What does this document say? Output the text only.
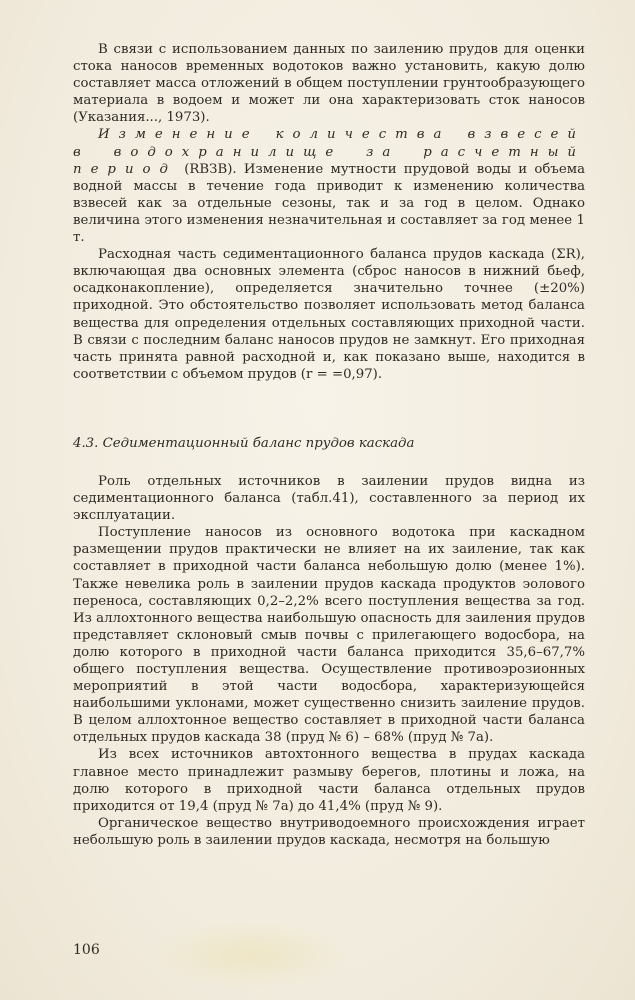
В связи с использованием данных по заилению прудов для оценки стока наносов временных водотоков важно установить, какую долю составляет масса отложений в общем поступлении грунтообразующего материала в водоем и может ли она характеризовать сток наносов (Указания..., 1973).

Изменение количества взвесей в водохранилище за расчетный период (RВЗВ). Изменение мутности прудовой воды и объема водной массы в течение года приводит к изменению количества взвесей как за отдельные сезоны, так и за год в целом. Однако величина этого изменения незначительная и составляет за год менее 1 т.

Расходная часть седиментационного баланса прудов каскада (ΣR), включающая два основных элемента (сброс наносов в нижний бьеф, осадконакопление), определяется значительно точнее (±20%) приходной. Это обстоятельство позволяет использовать метод баланса вещества для определения отдельных составляющих приходной части. В связи с последним баланс наносов прудов не замкнут. Его приходная часть принята равной расходной и, как показано выше, находится в соответствии с объемом прудов (r = =0,97).

4.3. Седиментационный баланс прудов каскада

Роль отдельных источников в заилении прудов видна из седиментационного баланса (табл.41), составленного за период их эксплуатации.

Поступление наносов из основного водотока при каскадном размещении прудов практически не влияет на их заиление, так как составляет в приходной части баланса небольшую долю (менее 1%). Также невелика роль в заилении прудов каскада продуктов эолового переноса, составляющих 0,2–2,2% всего поступления вещества за год. Из аллохтонного вещества наибольшую опасность для заиления прудов представляет склоновый смыв почвы с прилегающего водосбора, на долю которого в приходной части баланса приходится 35,6–67,7% общего поступления вещества. Осуществление противоэрозионных мероприятий в этой части водосбора, характеризующейся наибольшими уклонами, может существенно снизить заиление прудов. В целом аллохтонное вещество составляет в приходной части баланса отдельных прудов каскада 38 (пруд № 6) – 68% (пруд № 7а).

Из всех источников автохтонного вещества в прудах каскада главное место принадлежит размыву берегов, плотины и ложа, на долю которого в приходной части баланса отдельных прудов приходится от 19,4 (пруд № 7а) до 41,4% (пруд № 9).

Органическое вещество внутриводоемного происхождения играет небольшую роль в заилении прудов каскада, несмотря на большую

106
